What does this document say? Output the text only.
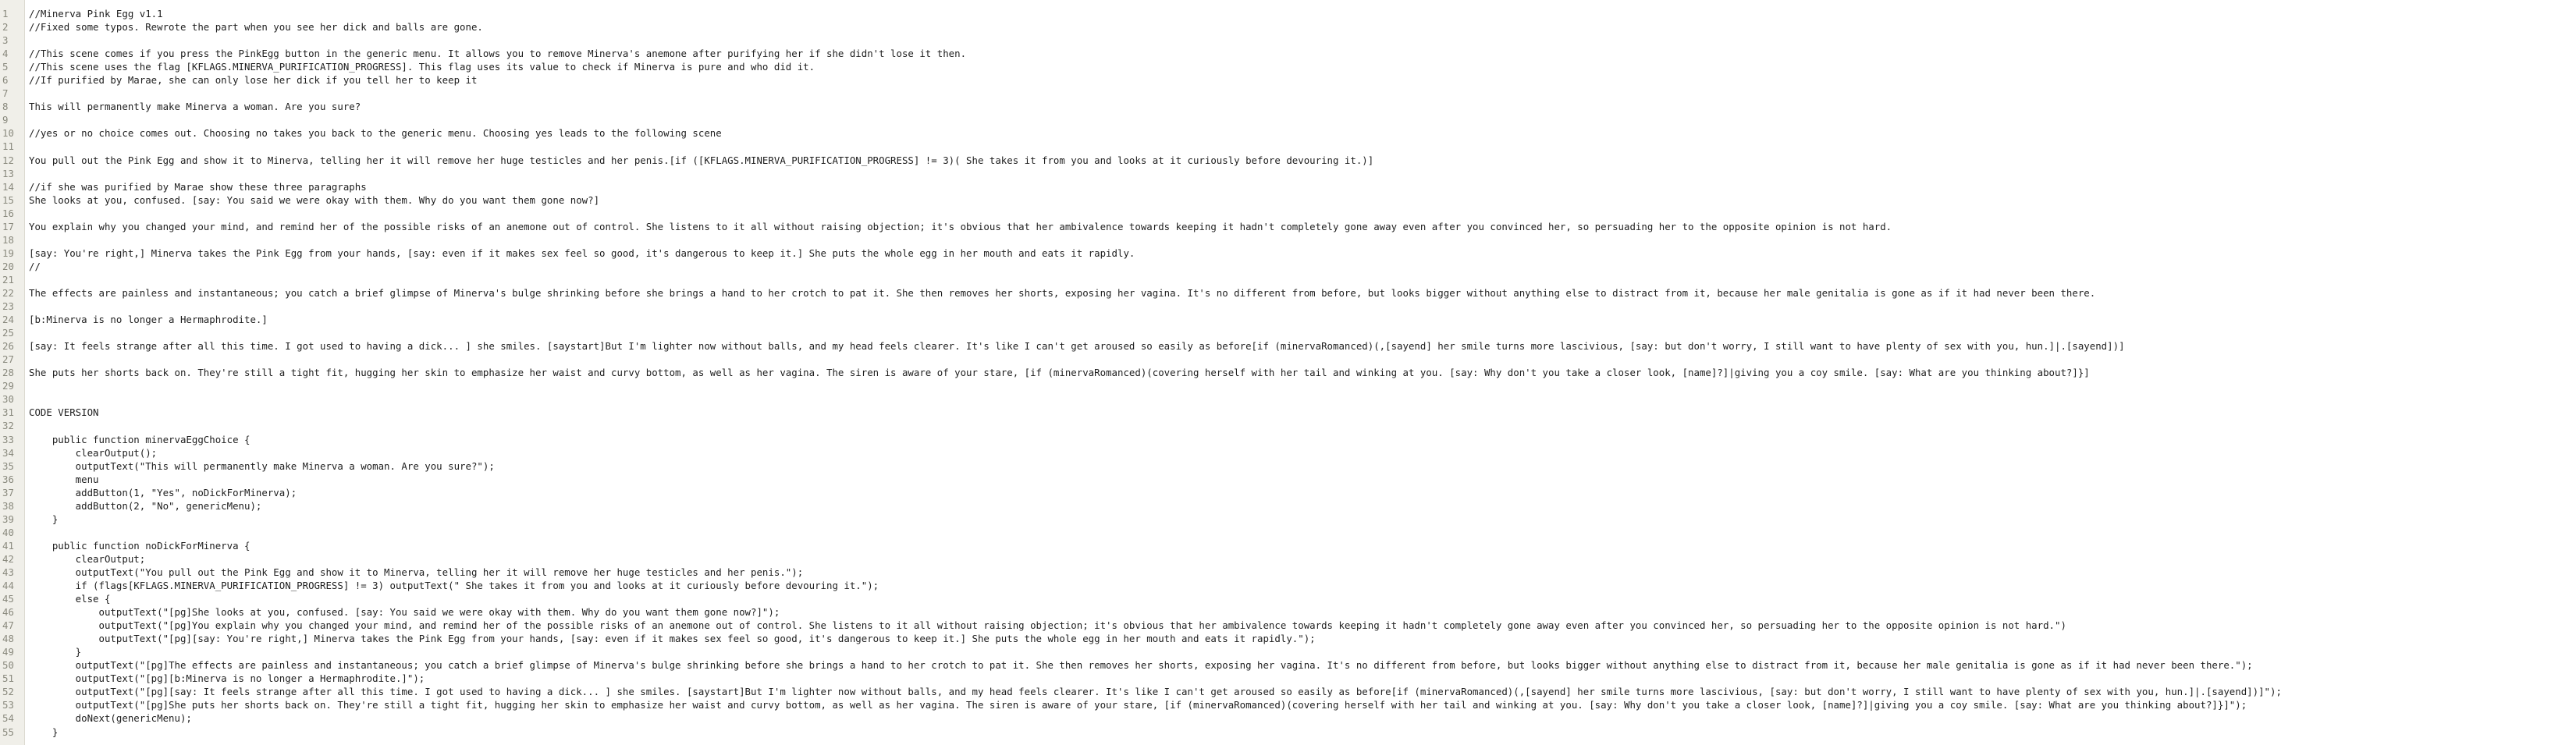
1
2
3
4
5
6
7
8
9
10
11
12
13
14
15
16
17
18
19
20
21
22
23
24
25
26
27
28
29
30
31
32
33
34
35
36
37
38
39
40
41
42
43
44
45
46
47
48
49
50
51
52
53
54
55
//Minerva Pink Egg v1.1
//Fixed some typos. Rewrote the part when you see her dick and balls are gone.
//This scene comes if you press the PinkEgg button in the generic menu. It allows you to remove Minerva's anemone after purifying her if she didn't lose it then.
//This scene uses the flag [KFLAGS.MINERVA_PURIFICATION_PROGRESS]. This flag uses its value to check if Minerva is pure and who did it.
//If purified by Marae, she can only lose her dick if you tell her to keep it
This will permanently make Minerva a woman. Are you sure?
//yes or no choice comes out. Choosing no takes you back to the generic menu. Choosing yes leads to the following scene
You pull out the Pink Egg and show it to Minerva, telling her it will remove her huge testicles and her penis.[if ([KFLAGS.MINERVA_PURIFICATION_PROGRESS] != 3)( She takes it from you and looks at it curiously before devouring it.)]
//if she was purified by Marae show these three paragraphs
She looks at you, confused. [say: You said we were okay with them. Why do you want them gone now?]
You explain why you changed your mind, and remind her of the possible risks of an anemone out of control. She listens to it all without raising objection; it's obvious that her ambivalence towards keeping it hadn't completely gone away even after you convinced her, so persuading her to the opposite opinion is not hard.
[say: You're right,] Minerva takes the Pink Egg from your hands, [say: even if it makes sex feel so good, it's dangerous to keep it.] She puts the whole egg in her mouth and eats it rapidly.
//
The effects are painless and instantaneous; you catch a brief glimpse of Minerva's bulge shrinking before she brings a hand to her crotch to pat it. She then removes her shorts, exposing her vagina. It's no different from before, but looks bigger without anything else to distract from it, because her male genitalia is gone as if it had never been there.
[b:Minerva is no longer a Hermaphrodite.]
[say: It feels strange after all this time. I got used to having a dick... ] she smiles. [saystart]But I'm lighter now without balls, and my head feels clearer. It's like I can't get aroused so easily as before[if (minervaRomanced)(,[sayend] her smile turns more lascivious, [say: but don't worry, I still want to have plenty of sex with you, hun.]|.[sayend])]
She puts her shorts back on. They're still a tight fit, hugging her skin to emphasize her waist and curvy bottom, as well as her vagina. The siren is aware of your stare, [if (minervaRomanced)(covering herself with her tail and winking at you. [say: Why don't you take a closer look, [name]?]|giving you a coy smile. [say: What are you thinking about?]}]
CODE VERSION
public function minervaEggChoice {
clearOutput();
outputText("This will permanently make Minerva a woman. Are you sure?");
menu
addButton(1, "Yes", noDickForMinerva);
addButton(2, "No", genericMenu);
}
public function noDickForMinerva {
clearOutput;
outputText("You pull out the Pink Egg and show it to Minerva, telling her it will remove her huge testicles and her penis.");
if (flags[KFLAGS.MINERVA_PURIFICATION_PROGRESS] != 3) outputText(" She takes it from you and looks at it curiously before devouring it.");
else {
outputText("[pg]She looks at you, confused. [say: You said we were okay with them. Why do you want them gone now?]");
outputText("[pg]You explain why you changed your mind, and remind her of the possible risks of an anemone out of control. She listens to it all without raising objection; it's obvious that her ambivalence towards keeping it hadn't completely gone away even after you convinced her, so persuading her to the opposite opinion is not hard.")
outputText("[pg][say: You're right,] Minerva takes the Pink Egg from your hands, [say: even if it makes sex feel so good, it's dangerous to keep it.] She puts the whole egg in her mouth and eats it rapidly.");
}
outputText("[pg]The effects are painless and instantaneous; you catch a brief glimpse of Minerva's bulge shrinking before she brings a hand to her crotch to pat it. She then removes her shorts, exposing her vagina. It's no different from before, but looks bigger without anything else to distract from it, because her male genitalia is gone as if it had never been there.");
outputText("[pg][b:Minerva is no longer a Hermaphrodite.]");
outputText("[pg][say: It feels strange after all this time. I got used to having a dick... ] she smiles. [saystart]But I'm lighter now without balls, and my head feels clearer. It's like I can't get aroused so easily as before[if (minervaRomanced)(,[sayend] her smile turns more lascivious, [say: but don't worry, I still want to have plenty of sex with you, hun.]|.[sayend])]");
outputText("[pg]She puts her shorts back on. They're still a tight fit, hugging her skin to emphasize her waist and curvy bottom, as well as her vagina. The siren is aware of your stare, [if (minervaRomanced)(covering herself with her tail and winking at you. [say: Why don't you take a closer look, [name]?]|giving you a coy smile. [say: What are you thinking about?]}]");
doNext(genericMenu);
}
